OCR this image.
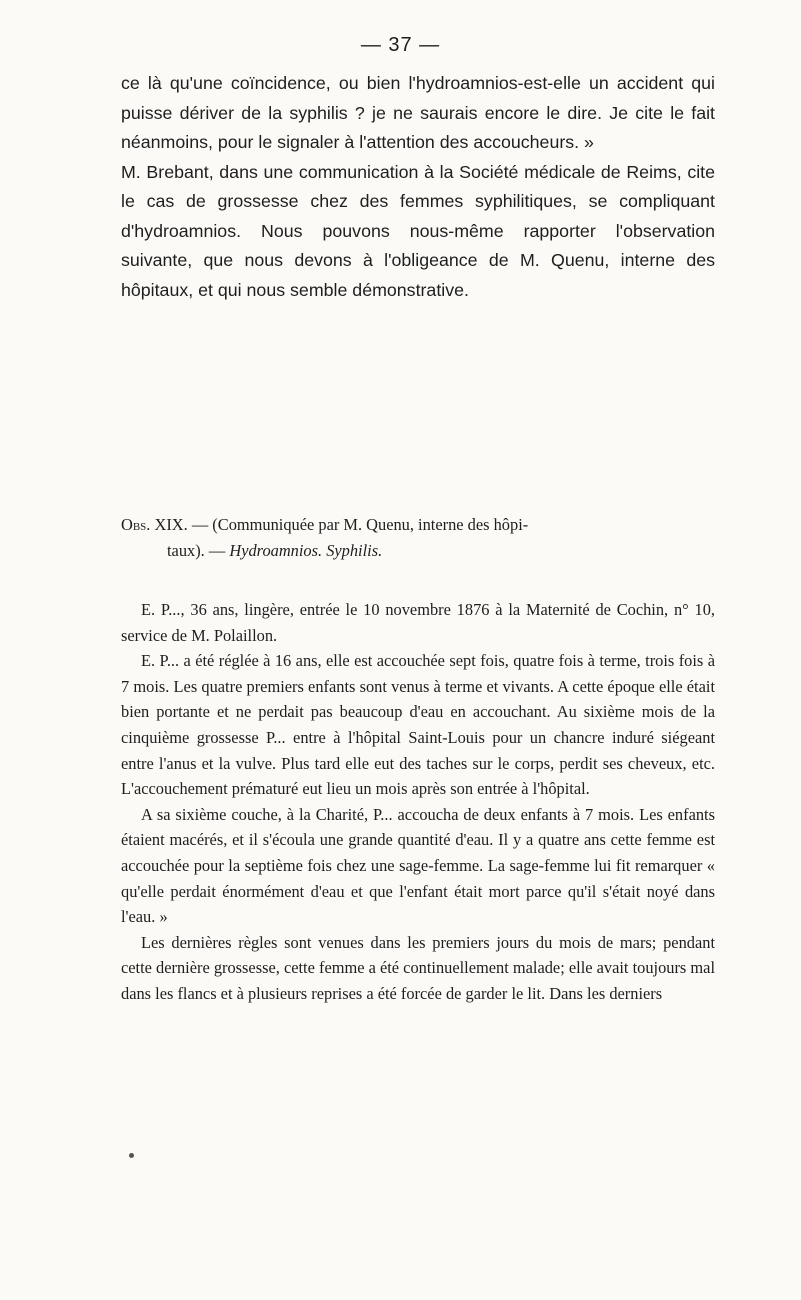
— 37 —

ce là qu'une coïncidence, ou bien l'hydroamnios-est-elle un accident qui puisse dériver de la syphilis ? je ne saurais encore le dire. Je cite le fait néanmoins, pour le signaler à l'attention des accoucheurs. »

M. Brebant, dans une communication à la Société médicale de Reims, cite le cas de grossesse chez des femmes syphilitiques, se compliquant d'hydroamnios. Nous pouvons nous-même rapporter l'observation suivante, que nous devons à l'obligeance de M. Quenu, interne des hôpitaux, et qui nous semble démonstrative.

Obs. XIX. — (Communiquée par M. Quenu, interne des hôpi-
taux). — Hydroamnios. Syphilis.

E. P..., 36 ans, lingère, entrée le 10 novembre 1876 à la Maternité de Cochin, n° 10, service de M. Polaillon.

E. P... a été réglée à 16 ans, elle est accouchée sept fois, quatre fois à terme, trois fois à 7 mois. Les quatre premiers enfants sont venus à terme et vivants. A cette époque elle était bien portante et ne perdait pas beaucoup d'eau en accouchant. Au sixième mois de la cinquième grossesse P... entre à l'hôpital Saint-Louis pour un chancre induré siégeant entre l'anus et la vulve. Plus tard elle eut des taches sur le corps, perdit ses cheveux, etc. L'accouchement prématuré eut lieu un mois après son entrée à l'hôpital.

A sa sixième couche, à la Charité, P... accoucha de deux enfants à 7 mois. Les enfants étaient macérés, et il s'écoula une grande quantité d'eau. Il y a quatre ans cette femme est accouchée pour la septième fois chez une sage-femme. La sage-femme lui fit remarquer « qu'elle perdait énormément d'eau et que l'enfant était mort parce qu'il s'était noyé dans l'eau. »

Les dernières règles sont venues dans les premiers jours du mois de mars; pendant cette dernière grossesse, cette femme a été continuellement malade; elle avait toujours mal dans les flancs et à plusieurs reprises a été forcée de garder le lit. Dans les derniers
